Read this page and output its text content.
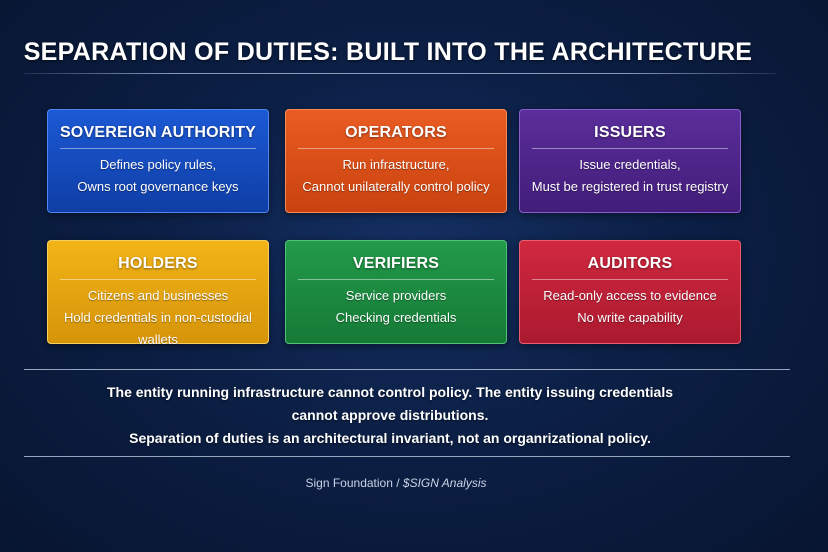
SEPARATION OF DUTIES: BUILT INTO THE ARCHITECTURE
SOVEREIGN AUTHORITY
Defines policy rules,
Owns root governance keys
OPERATORS
Run infrastructure,
Cannot unilaterally control policy
ISSUERS
Issue credentials,
Must be registered in trust registry
HOLDERS
Citizens and businesses
Hold credentials in non-custodial wallets
VERIFIERS
Service providers
Checking credentials
AUDITORS
Read-only access to evidence
No write capability
The entity running infrastructure cannot control policy. The entity issuing credentials
cannot approve distributions.
Separation of duties is an architectural invariant, not an organrizational policy.
Sign Foundation / $SIGN Analysis
